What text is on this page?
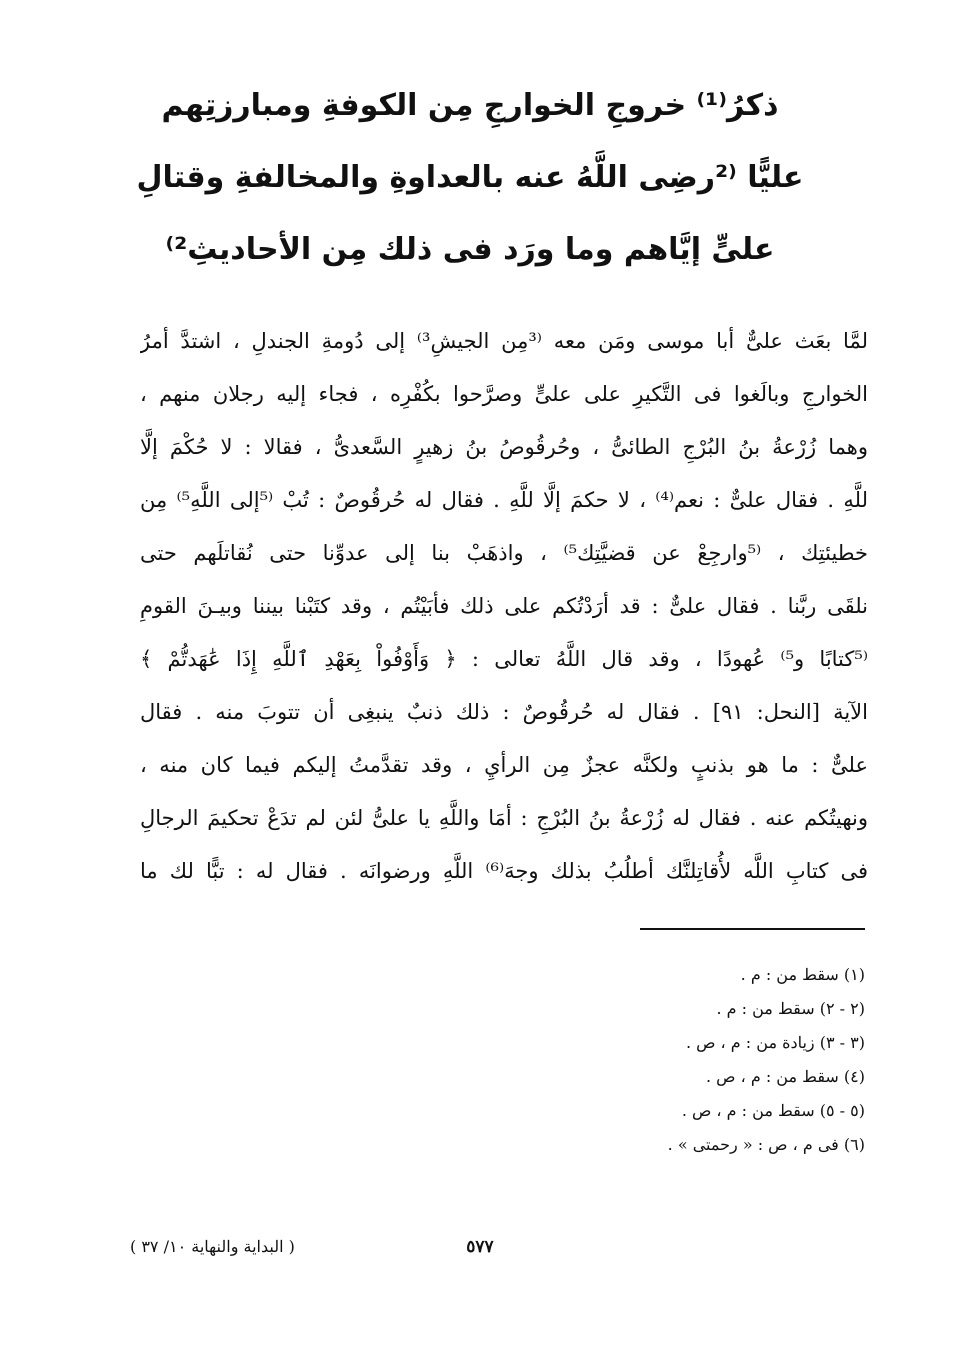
ذكرُ⁽¹⁾ خروجِ الخوارجِ مِن الكوفةِ ومبارزتِهم
عليًّا ⁽²رضِى اللَّهُ عنه بالعداوةِ والمخالفةِ وقتالِ
علىٍّ إيَّاهم وما ورَد فى ذلك مِن الأحاديثِ²⁾
لمَّا بعَث علىٌّ أبا موسى ومَن معه ⁽³مِن الجيشِ³⁾ إلى دُومةِ الجندلِ ، اشتدَّ أمرُ
الخوارجِ وبالَغوا فى التَّكيرِ على علىٍّ وصرَّحوا بكُفْرِه ، فجاء إليه رجلان منهم ،
وهما زُرْعةُ بنُ البُرْجِ الطائىُّ ، وحُرقُوصُ بنُ زهيرٍ السَّعدىُّ ، فقالا : لا حُكْمَ إلَّا
للَّهِ . فقال علىٌّ : نعم⁽⁴⁾ ، لا حكمَ إلَّا للَّهِ . فقال له حُرقُوصٌ : تُبْ ⁽⁵إلى اللَّهِ⁵⁾ مِن
خطيئتِك ، ⁽⁵وارجِعْ عن قضيَّتِك⁵⁾ ، واذهَبْ بنا إلى عدوِّنا حتى نُقاتلَهم حتى
نلقَى ربَّنا . فقال علىٌّ : قد أرَدْتُكم على ذلك فأبَيْتُم ، وقد كتَبْنا بيننا وبيـنَ القومِ
⁽⁵كتابًا و⁵⁾ عُهودًا ، وقد قال اللَّهُ تعالى : ﴿ وَأَوْفُواْ بِعَهْدِ ٱللَّهِ إِذَا عَٰهَدتُّمْ ﴾
الآية [النحل: ٩١] . فقال له حُرقُوصٌ : ذلك ذنبٌ ينبغِى أن تتوبَ منه . فقال
علىٌّ : ما هو بذنبٍ ولكنَّه عجزٌ مِن الرأيِ ، وقد تقدَّمتُ إليكم فيما كان منه ،
ونهيتُكم عنه . فقال له زُرْعةُ بنُ البُرْجِ : أمَا واللَّهِ يا علىُّ لئن لم تدَعْ تحكيمَ الرجالِ
فى كتابِ اللَّه لأُقاتِلنَّك أطلُبُ بذلك وجهَ⁽⁶⁾ اللَّهِ ورضوانَه . فقال له : تبًّا لك ما
(١) سقط من : م .
(٢ - ٢) سقط من : م .
(٣ - ٣) زيادة من : م ، ص .
(٤) سقط من : م ، ص .
(٥ - ٥) سقط من : م ، ص .
(٦) فى م ، ص : « رحمتى » .
( البداية والنهاية ١٠/ ٣٧ )	٥٧٧
